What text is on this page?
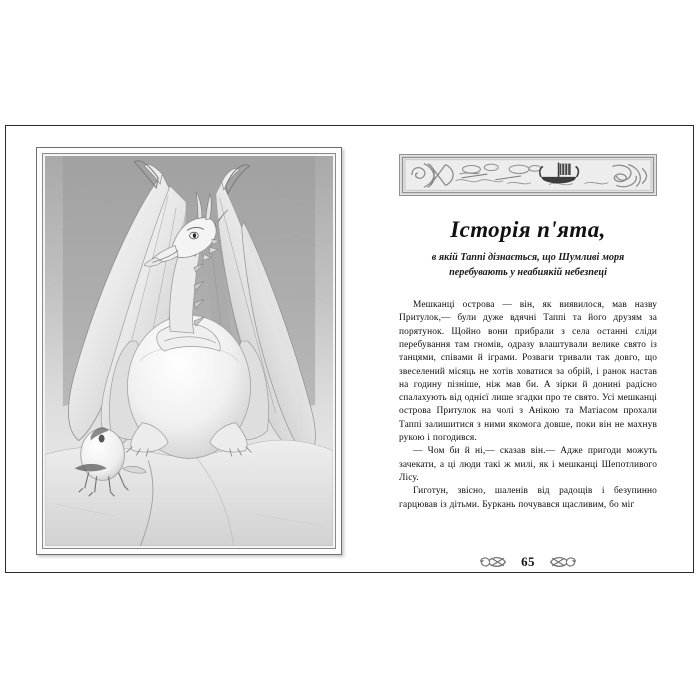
Історія п'ята,
в якій Таппі дізнається, що Шумливі моря
перебувають у неабиякій небезпеці

Мешканці острова — він, як виявилося, мав назву Притулок,— були дуже вдячні Таппі та його друзям за порятунок. Щойно вони прибрали з села останні сліди перебування там гномів, одразу влаштували велике свято із танцями, співами й іграми. Розваги тривали так довго, що звеселений місяць не хотів ховатися за обрій, і ранок настав на годину пізніше, ніж мав би. А зірки й донині радісно спалахують від однієї лише згадки про те свято. Усі мешканці острова Притулок на чолі з Анікою та Матіасом прохали Таппі залишитися з ними якомога довше, поки він не махнув рукою і погодився.

— Чом би й ні,— сказав він.— Адже пригоди можуть зачекати, а ці люди такі ж милі, як і мешканці Шепотливого Лісу.

Гиготун, звісно, шаленів від радощів і безупинно гарцював із дітьми. Буркань почувався щасливим, бо міг

65
